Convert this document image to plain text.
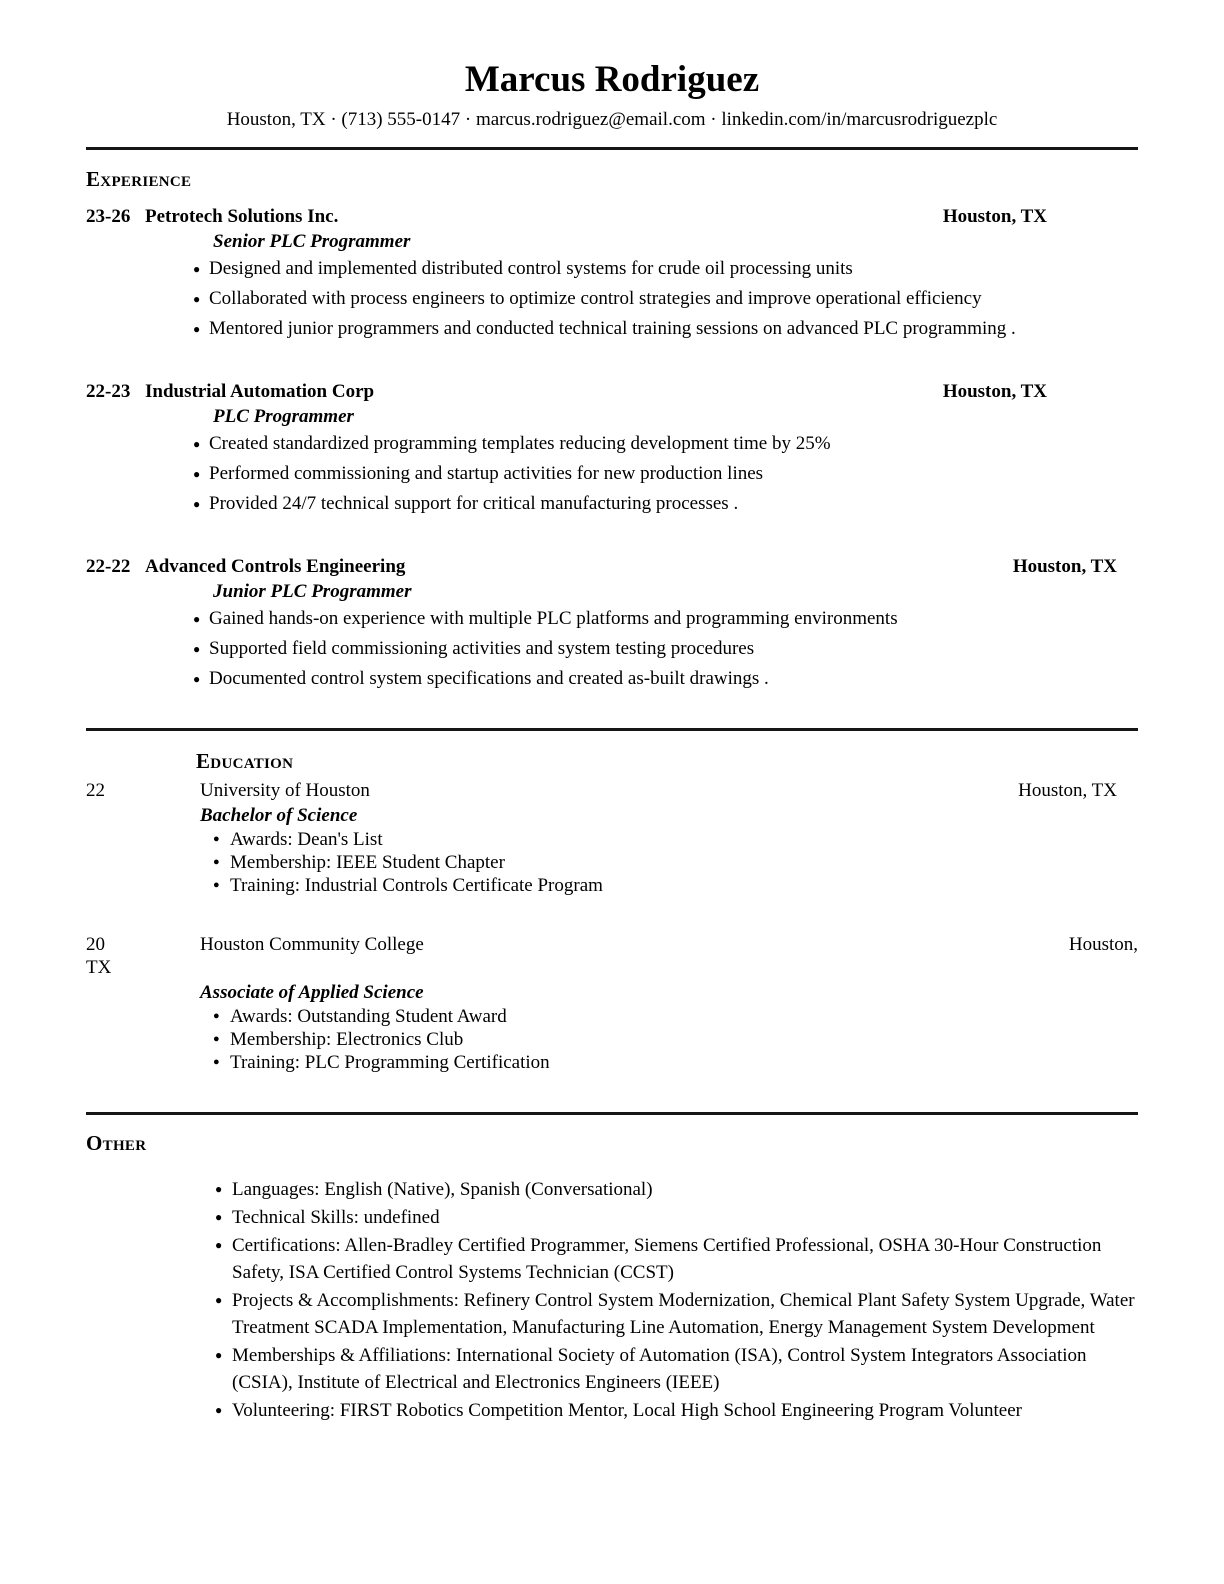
Marcus Rodriguez
Houston, TX · (713) 555-0147 · marcus.rodriguez@email.com · linkedin.com/in/marcusrodriguezplc
Experience
23-26 Petrotech Solutions Inc.	Houston, TX
Senior PLC Programmer
● Designed and implemented distributed control systems for crude oil processing units
● Collaborated with process engineers to optimize control strategies and improve operational efficiency
● Mentored junior programmers and conducted technical training sessions on advanced PLC programming .
22-23 Industrial Automation Corp	Houston, TX
PLC Programmer
● Created standardized programming templates reducing development time by 25%
● Performed commissioning and startup activities for new production lines
● Provided 24/7 technical support for critical manufacturing processes .
22-22 Advanced Controls Engineering	Houston, TX
Junior PLC Programmer
● Gained hands-on experience with multiple PLC platforms and programming environments
● Supported field commissioning activities and system testing procedures
● Documented control system specifications and created as-built drawings .
Education
22	University of Houston	Houston, TX
Bachelor of Science
● Awards: Dean's List
● Membership: IEEE Student Chapter
● Training: Industrial Controls Certificate Program
20	Houston Community College	Houston,
TX
Associate of Applied Science
● Awards: Outstanding Student Award
● Membership: Electronics Club
● Training: PLC Programming Certification
Other
● Languages: English (Native), Spanish (Conversational)
● Technical Skills: undefined
● Certifications: Allen-Bradley Certified Programmer, Siemens Certified Professional, OSHA 30-Hour Construction Safety, ISA Certified Control Systems Technician (CCST)
● Projects & Accomplishments: Refinery Control System Modernization, Chemical Plant Safety System Upgrade, Water Treatment SCADA Implementation, Manufacturing Line Automation, Energy Management System Development
● Memberships & Affiliations: International Society of Automation (ISA), Control System Integrators Association (CSIA), Institute of Electrical and Electronics Engineers (IEEE)
● Volunteering: FIRST Robotics Competition Mentor, Local High School Engineering Program Volunteer
